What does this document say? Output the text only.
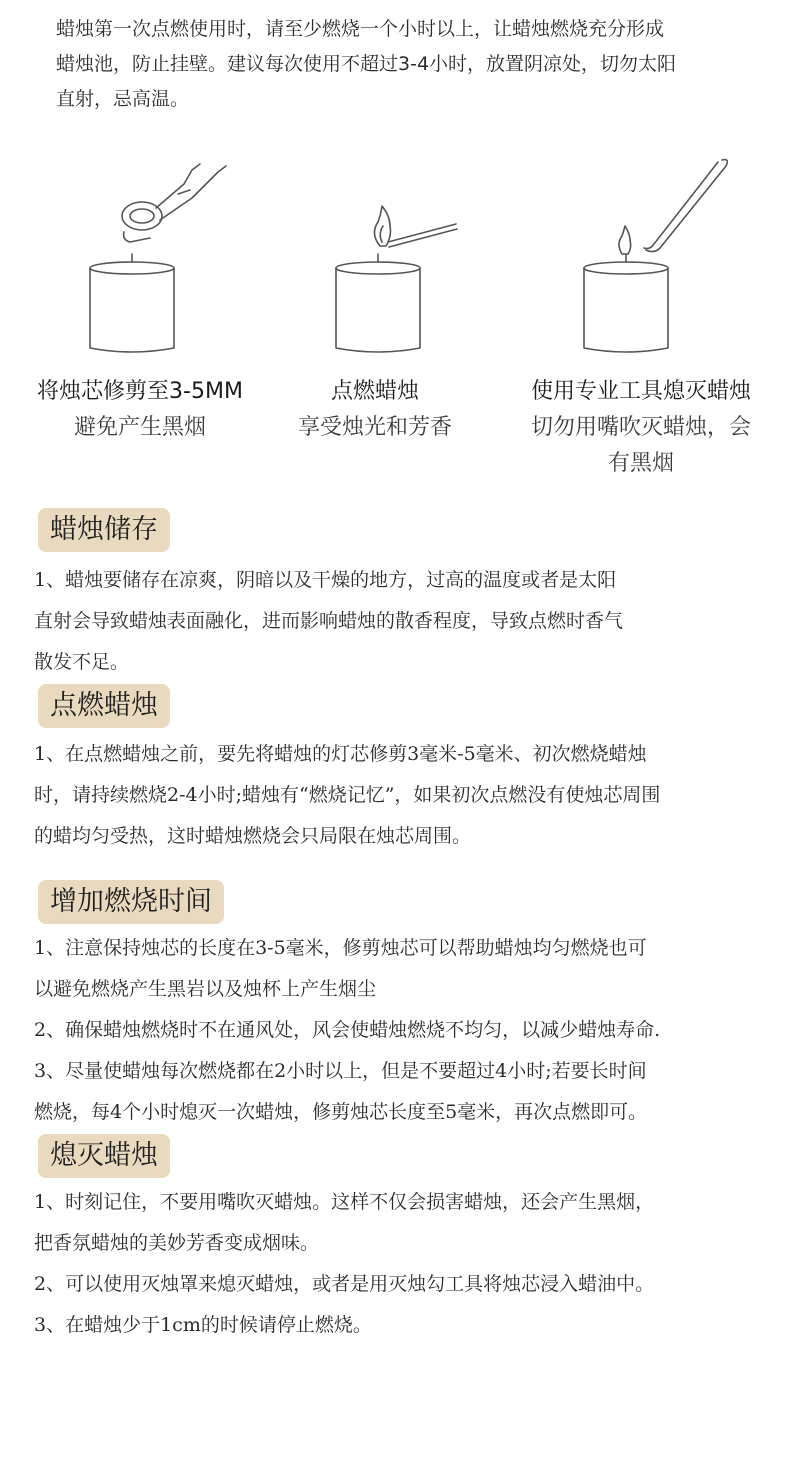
蜡烛第一次点燃使用时，请至少燃烧一个小时以上，让蜡烛燃烧充分形成

蜡烛池，防止挂壁。建议每次使用不超过3-4小时，放置阴凉处，切勿太阳

直射，忌高温。

将烛芯修剪至3-5MM
避免产生黑烟
点燃蜡烛
享受烛光和芳香
使用专业工具熄灭蜡烛
切勿用嘴吹灭蜡烛，会
有黑烟
蜡烛储存

1、蜡烛要储存在凉爽，阴暗以及干燥的地方，过高的温度或者是太阳

直射会导致蜡烛表面融化，进而影响蜡烛的散香程度，导致点燃时香气

散发不足。

点燃蜡烛

1、在点燃蜡烛之前，要先将蜡烛的灯芯修剪3毫米-5毫米、初次燃烧蜡烛

时，请持续燃烧2-4小时;蜡烛有“燃烧记忆”，如果初次点燃没有使烛芯周围

的蜡均匀受热，这时蜡烛燃烧会只局限在烛芯周围。

增加燃烧时间

1、注意保持烛芯的长度在3-5毫米，修剪烛芯可以帮助蜡烛均匀燃烧也可

以避免燃烧产生黑岩以及烛杯上产生烟尘

2、确保蜡烛燃烧时不在通风处，风会使蜡烛燃烧不均匀，以减少蜡烛寿命.

3、尽量使蜡烛每次燃烧都在2小时以上，但是不要超过4小时;若要长时间

燃烧，每4个小时熄灭一次蜡烛，修剪烛芯长度至5毫米，再次点燃即可。

熄灭蜡烛

1、时刻记住，不要用嘴吹灭蜡烛。这样不仅会损害蜡烛，还会产生黑烟，

把香氛蜡烛的美妙芳香变成烟味。

2、可以使用灭烛罩来熄灭蜡烛，或者是用灭烛勾工具将烛芯浸入蜡油中。

3、在蜡烛少于1cm的时候请停止燃烧。
